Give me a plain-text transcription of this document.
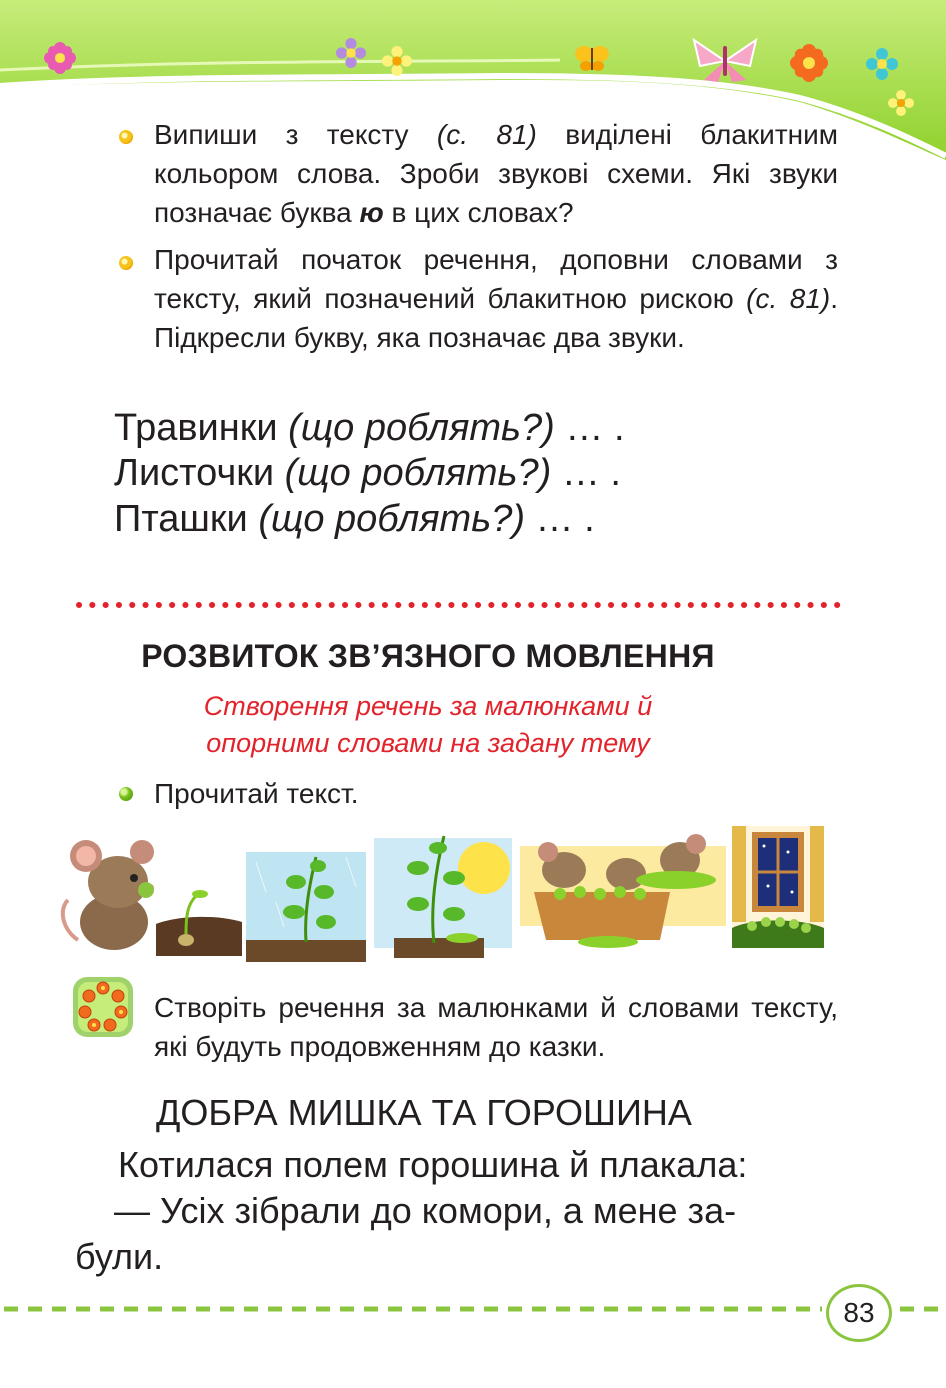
Випиши з тексту (с. 81) виділені блакитним кольором слова. Зроби звукові схеми. Які звуки позначає буква ю в цих словах?
Прочитай початок речення, доповни словами з тексту, який позначений блакитною рискою (с. 81). Підкресли букву, яка позначає два звуки.
Травинки (що роблять?) … .
Листочки (що роблять?) … .
Пташки (що роблять?) … .
РОЗВИТОК ЗВ’ЯЗНОГО МОВЛЕННЯ
Створення речень за малюнками й
опорними словами на задану тему
Прочитай текст.
Створіть речення за малюнками й словами тексту, які будуть продовженням до казки.
ДОБРА МИШКА ТА ГОРОШИНА
Котилася полем горошина й плакала:
— Усіх зібрали до комори, а мене за-
були.
83
